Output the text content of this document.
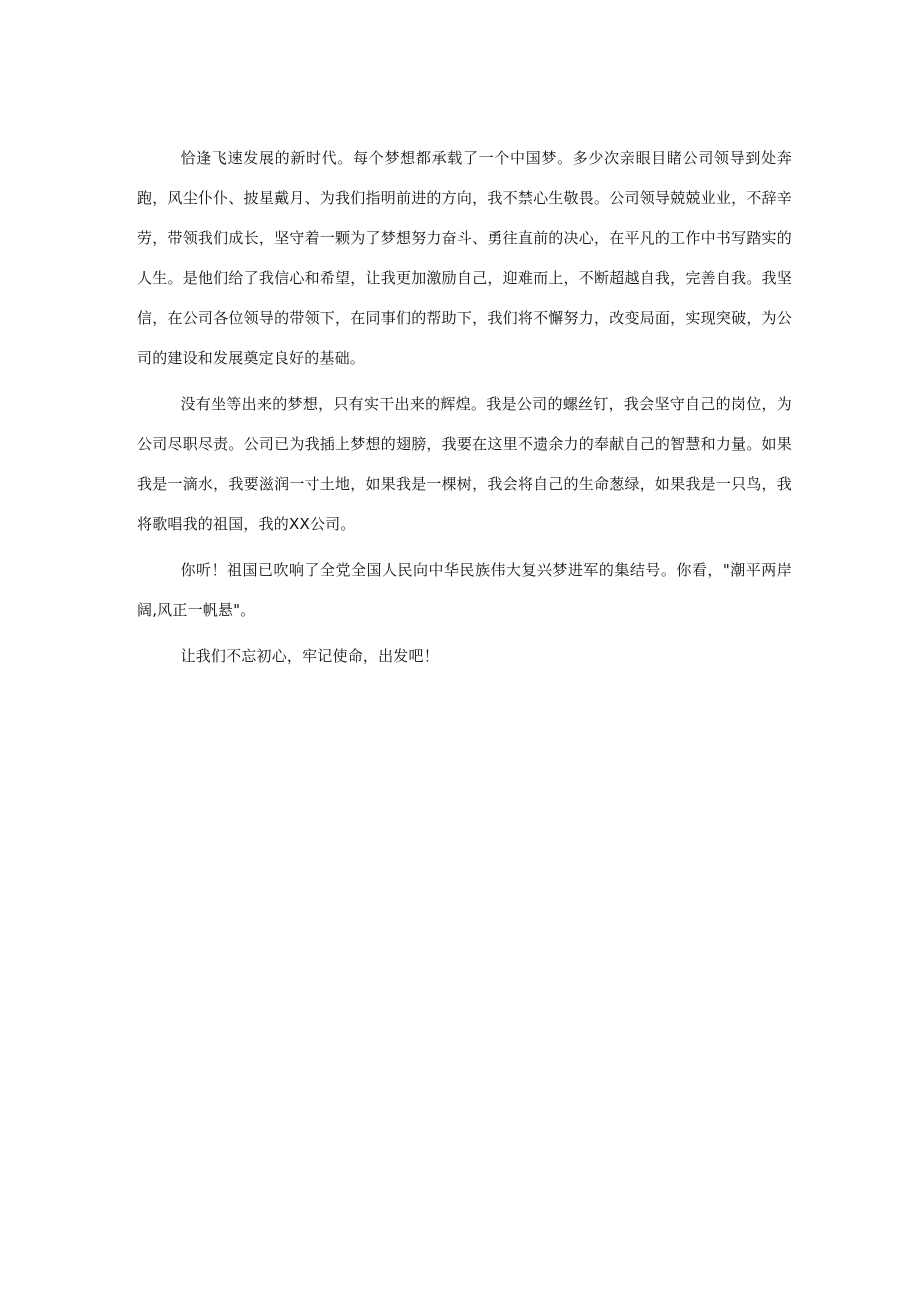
恰逢飞速发展的新时代。每个梦想都承载了一个中国梦。多少次亲眼目睹公司领导到处奔跑，风尘仆仆、披星戴月、为我们指明前进的方向，我不禁心生敬畏。公司领导兢兢业业，不辞辛劳，带领我们成长，坚守着一颗为了梦想努力奋斗、勇往直前的决心，在平凡的工作中书写踏实的人生。是他们给了我信心和希望，让我更加激励自己，迎难而上，不断超越自我，完善自我。我坚信，在公司各位领导的带领下，在同事们的帮助下，我们将不懈努力，改变局面，实现突破，为公司的建设和发展奠定良好的基础。

没有坐等出来的梦想，只有实干出来的辉煌。我是公司的螺丝钉，我会坚守自己的岗位，为公司尽职尽责。公司已为我插上梦想的翅膀，我要在这里不遗余力的奉献自己的智慧和力量。如果我是一滴水，我要滋润一寸土地，如果我是一棵树，我会将自己的生命葱绿，如果我是一只鸟，我将歌唱我的祖国，我的XX公司。

你听！祖国已吹响了全党全国人民向中华民族伟大复兴梦进军的集结号。你看，"潮平两岸阔,风正一帆悬"。

让我们不忘初心，牢记使命，出发吧！
